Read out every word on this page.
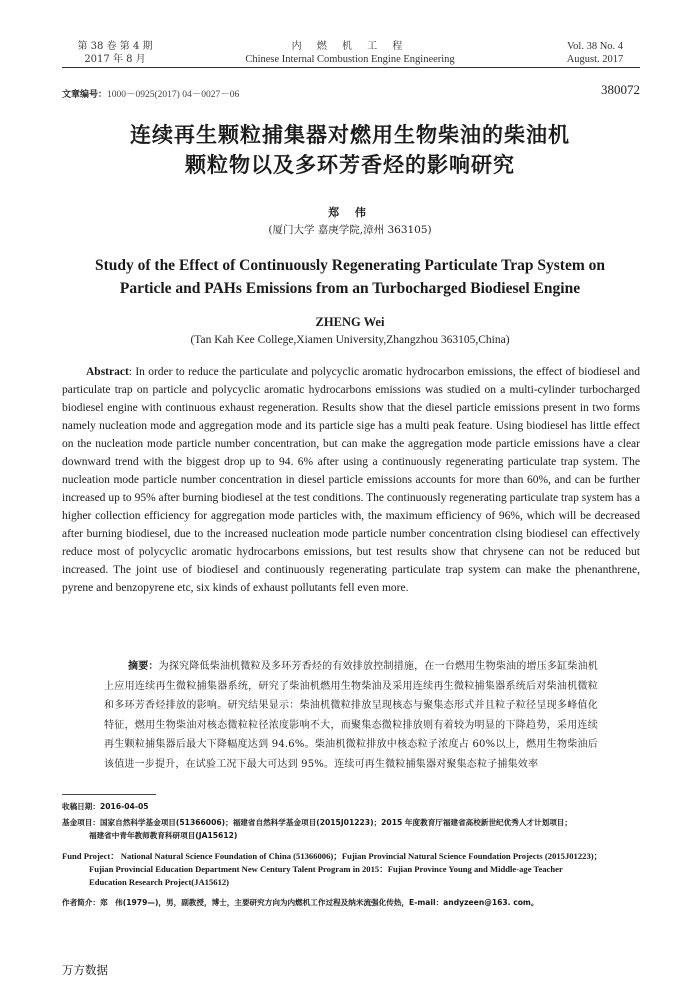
第 38 卷 第 4 期
2017 年 8 月
内 燃 机 工 程
Chinese Internal Combustion Engine Engineering
Vol. 38 No. 4
August. 2017
文章编号：1000－0925(2017) 04－0027－06	380072
连续再生颗粒捕集器对燃用生物柴油的柴油机
颗粒物以及多环芳香烃的影响研究
郑 伟
(厦门大学 嘉庚学院,漳州 363105)
Study of the Effect of Continuously Regenerating Particulate Trap System on
Particle and PAHs Emissions from an Turbocharged Biodiesel Engine
ZHENG Wei
(Tan Kah Kee College,Xiamen University,Zhangzhou 363105,China)
Abstract: In order to reduce the particulate and polycyclic aromatic hydrocarbon emissions, the effect of biodiesel and particulate trap on particle and polycyclic aromatic hydrocarbons emissions was studied on a multi-cylinder turbocharged biodiesel engine with continuous exhaust regeneration. Results show that the diesel particle emissions present in two forms namely nucleation mode and aggregation mode and its particle sige has a multi peak feature. Using biodiesel has little effect on the nucleation mode particle number concentration, but can make the aggregation mode particle emissions have a clear downward trend with the biggest drop up to 94. 6% after using a continuously regenerating particulate trap system. The nucleation mode particle number concentration in diesel particle emissions accounts for more than 60%, and can be further increased up to 95% after burning biodiesel at the test conditions. The continuously regenerating particulate trap system has a higher collection efficiency for aggregation mode particles with, the maximum efficiency of 96%, which will be decreased after burning biodiesel, due to the increased nucleation mode particle number concentration clsing biodiesel can effectively reduce most of polycyclic aromatic hydrocarbons emissions, but test results show that chrysene can not be reduced but increased. The joint use of biodiesel and continuously regenerating particulate trap system can make the phenanthrene, pyrene and benzopyrene etc, six kinds of exhaust pollutants fell even more.
摘要：为探究降低柴油机微粒及多环芳香烃的有效排放控制措施，在一台燃用生物柴油的增压多缸柴油机上应用连续再生微粒捕集器系统，研究了柴油机燃用生物柴油及采用连续再生微粒捕集器系统后对柴油机微粒和多环芳香烃排放的影响。研究结果显示：柴油机微粒排放呈现核态与聚集态形式并且粒子粒径呈现多峰值化特征，燃用生物柴油对核态微粒粒径浓度影响不大，而聚集态微粒排放则有着较为明显的下降趋势，采用连续再生颗粒捕集器后最大下降幅度达到 94.6%。柴油机微粒排放中核态粒子浓度占 60%以上，燃用生物柴油后该值进一步提升，在试验工况下最大可达到 95%。连续可再生微粒捕集器对聚集态粒子捕集效率
收稿日期：2016-04-05
基金项目：国家自然科学基金项目(51366006)；福建省自然科学基金项目(2015J01223)；2015 年度教育厅福建省高校新世纪优秀人才计划项目；
福建省中青年教师教育科研项目(JA15612)
Fund Project： National Natural Science Foundation of China (51366006)；Fujian Provincial Natural Science Foundation Projects (2015J01223)；
Fujian Provincial Education Department New Century Talent Program in 2015：Fujian Province Young and Middle-age Teacher
Education Research Project(JA15612)
作者简介：郑　伟(1979—)，男，副教授，博士，主要研究方向为内燃机工作过程及纳米流强化传热，E-mail：andyzeen@163. com。
万方数据
